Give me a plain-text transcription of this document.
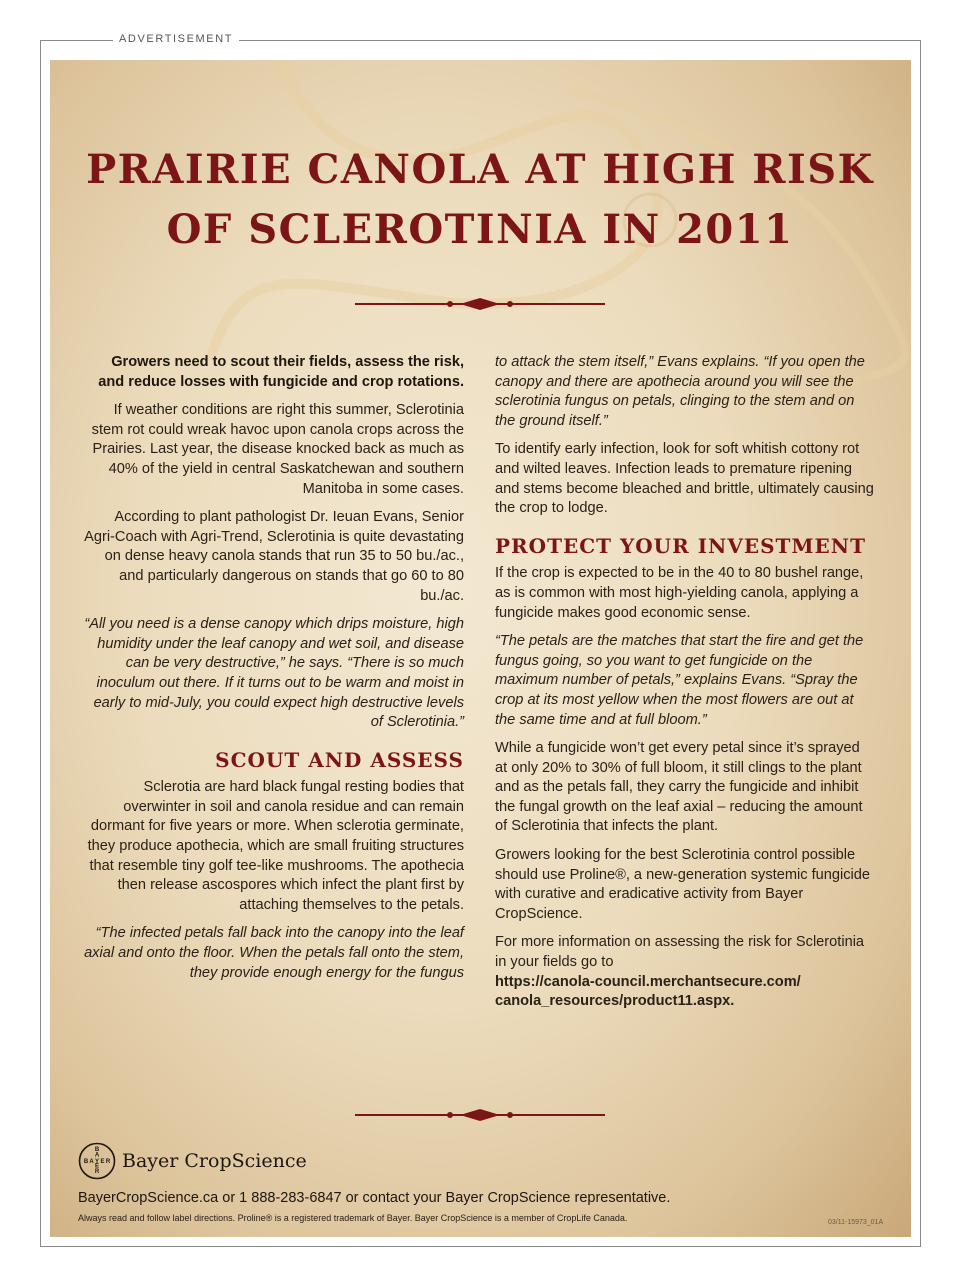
ADVERTISEMENT
PRAIRIE CANOLA AT HIGH RISK
OF SCLEROTINIA IN 2011

Growers need to scout their fields, assess the risk, and reduce losses with fungicide and crop rotations.

If weather conditions are right this summer, Sclerotinia stem rot could wreak havoc upon canola crops across the Prairies. Last year, the disease knocked back as much as 40% of the yield in central Saskatchewan and southern Manitoba in some cases.

According to plant pathologist Dr. Ieuan Evans, Senior Agri-Coach with Agri-Trend, Sclerotinia is quite devastating on dense heavy canola stands that run 35 to 50 bu./ac., and particularly dangerous on stands that go 60 to 80 bu./ac.

“All you need is a dense canopy which drips moisture, high humidity under the leaf canopy and wet soil, and disease can be very destructive,” he says. “There is so much inoculum out there. If it turns out to be warm and moist in early to mid-July, you could expect high destructive levels of Sclerotinia.”

SCOUT AND ASSESS

Sclerotia are hard black fungal resting bodies that overwinter in soil and canola residue and can remain dormant for five years or more. When sclerotia germinate, they produce apothecia, which are small fruiting structures that resemble tiny golf tee-like mushrooms. The apothecia then release ascospores which infect the plant first by attaching themselves to the petals.

“The infected petals fall back into the canopy into the leaf axial and onto the floor. When the petals fall onto the stem, they provide enough energy for the fungus

to attack the stem itself,” Evans explains. “If you open the canopy and there are apothecia around you will see the sclerotinia fungus on petals, clinging to the stem and on the ground itself.”

To identify early infection, look for soft whitish cottony rot and wilted leaves. Infection leads to premature ripening and stems become bleached and brittle, ultimately causing the crop to lodge.

PROTECT YOUR INVESTMENT

If the crop is expected to be in the 40 to 80 bushel range, as is common with most high-yielding canola, applying a fungicide makes good economic sense.

“The petals are the matches that start the fire and get the fungus going, so you want to get fungicide on the maximum number of petals,” explains Evans. “Spray the crop at its most yellow when the most flowers are out at the same time and at full bloom.”

While a fungicide won’t get every petal since it’s sprayed at only 20% to 30% of full bloom, it still clings to the plant and as the petals fall, they carry the fungicide and inhibit the fungal growth on the leaf axial – reducing the amount of Sclerotinia that infects the plant.

Growers looking for the best Sclerotinia control possible should use Proline®, a new-generation systemic fungicide with curative and eradicative activity from Bayer CropScience.

For more information on assessing the risk for Sclerotinia in your fields go to

https://canola-council.merchantsecure.com/ canola_resources/product11.aspx.

B A Y E R
B
A
E
R Bayer CropScience
BayerCropScience.ca or 1 888-283-6847 or contact your Bayer CropScience representative.
Always read and follow label directions. Proline® is a registered trademark of Bayer. Bayer CropScience is a member of CropLife Canada.	03/11-15973_01A
